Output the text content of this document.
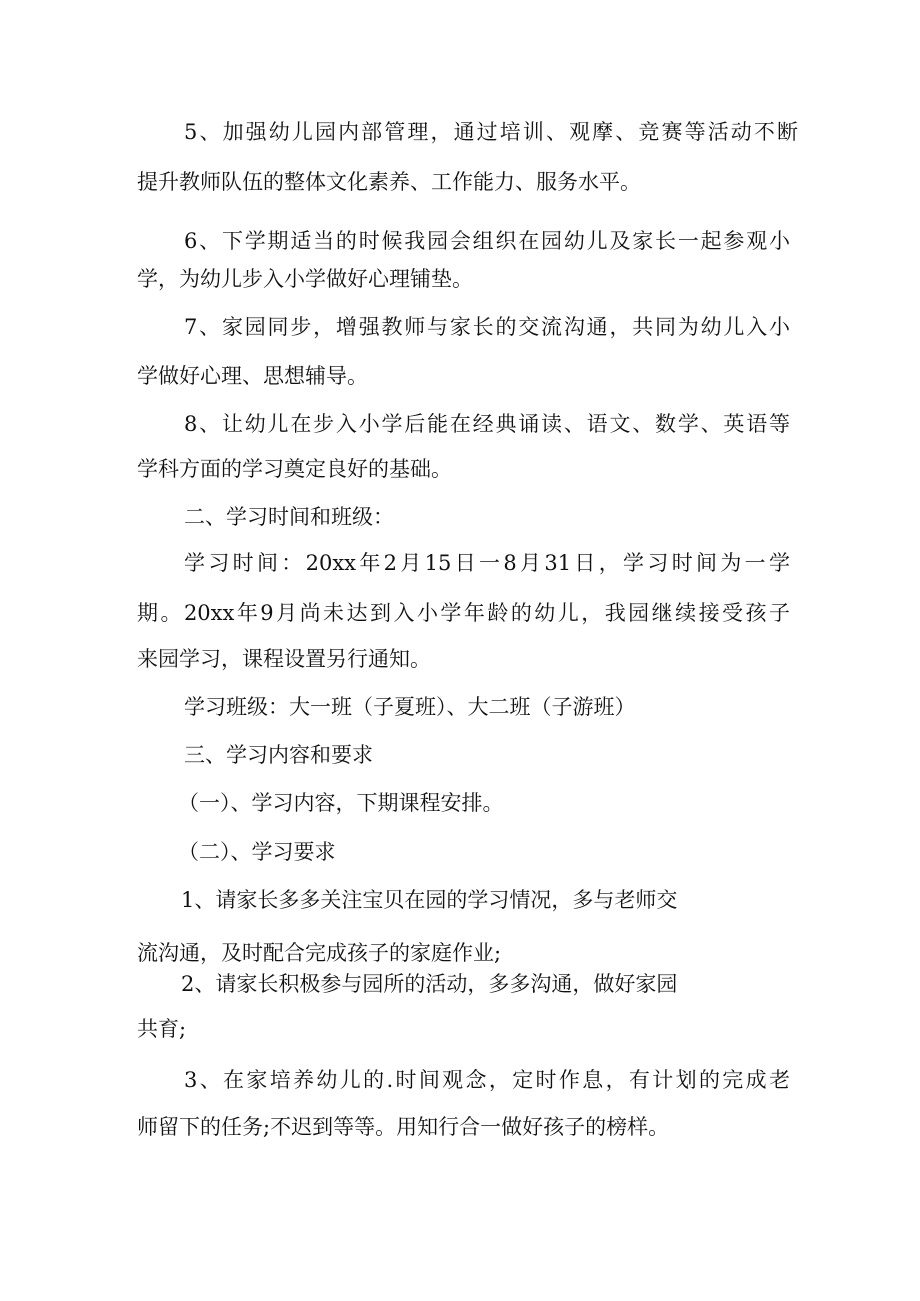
5、加强幼儿园内部管理，通过培训、观摩、竞赛等活动不断
提升教师队伍的整体文化素养、工作能力、服务水平。
6、下学期适当的时候我园会组织在园幼儿及家长一起参观小
学，为幼儿步入小学做好心理铺垫。
7、家园同步，增强教师与家长的交流沟通，共同为幼儿入小
学做好心理、思想辅导。
8、让幼儿在步入小学后能在经典诵读、语文、数学、英语等
学科方面的学习奠定良好的基础。
二、学习时间和班级：
学习时间：20xx年2月15日一8月31日，学习时间为一学
期。20xx年9月尚未达到入小学年龄的幼儿，我园继续接受孩子
来园学习，课程设置另行通知。
学习班级：大一班（子夏班）、大二班（子游班）
三、学习内容和要求
（一）、学习内容，下期课程安排。
（二）、学习要求
1、请家长多多关注宝贝在园的学习情况，多与老师交
流沟通，及时配合完成孩子的家庭作业;
2、请家长积极参与园所的活动，多多沟通，做好家园
共育;
3、在家培养幼儿的.时间观念，定时作息，有计划的完成老
师留下的任务;不迟到等等。用知行合一做好孩子的榜样。
